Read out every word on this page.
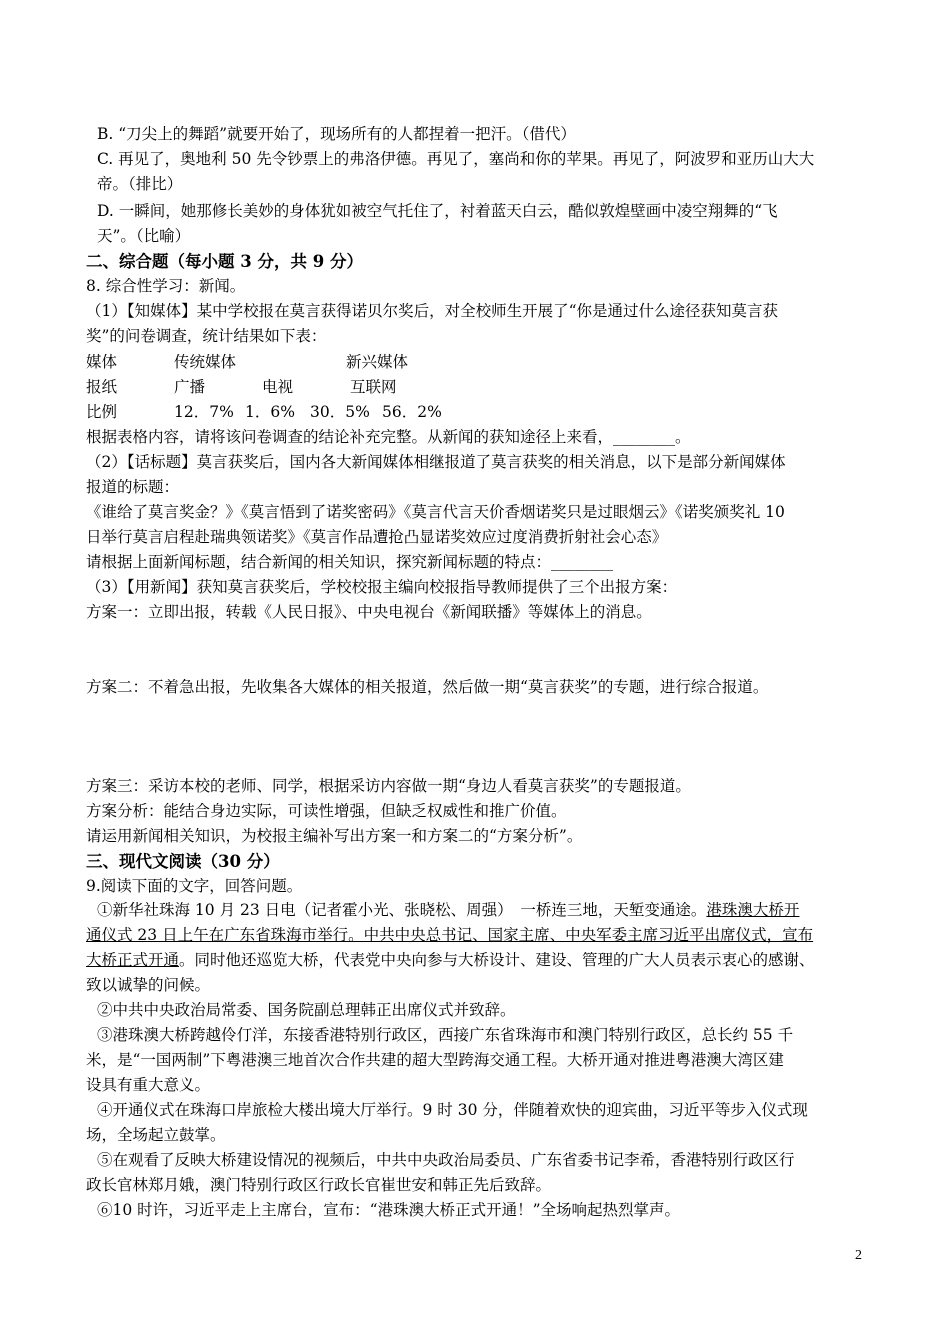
B. “刀尖上的舞蹈”就要开始了，现场所有的人都捏着一把汗。（借代）
C. 再见了，奥地利 50 先令钞票上的弗洛伊德。再见了，塞尚和你的苹果。再见了，阿波罗和亚历山大大
帝。（排比）
D. 一瞬间，她那修长美妙的身体犹如被空气托住了，衬着蓝天白云，酷似敦煌壁画中凌空翔舞的“飞
天”。（比喻）
二、综合题（每小题 3 分，共 9 分）
8. 综合性学习：新闻。
（1）【知媒体】某中学校报在莫言获得诺贝尔奖后，对全校师生开展了“你是通过什么途径获知莫言获
奖”的问卷调查，统计结果如下表：
媒体	传统媒体	新兴媒体
报纸	广播	电视	互联网
比例	12．7% 1．6% 30．5% 56．2%
根据表格内容，请将该问卷调查的结论补充完整。从新闻的获知途径上来看，________。
（2）【话标题】莫言获奖后，国内各大新闻媒体相继报道了莫言获奖的相关消息，以下是部分新闻媒体
报道的标题：
《谁给了莫言奖金？》《莫言悟到了诺奖密码》《莫言代言天价香烟诺奖只是过眼烟云》《诺奖颁奖礼 10
日举行莫言启程赴瑞典领诺奖》《莫言作品遭抢凸显诺奖效应过度消费折射社会心态》
请根据上面新闻标题，结合新闻的相关知识，探究新闻标题的特点：________
（3）【用新闻】获知莫言获奖后，学校校报主编向校报指导教师提供了三个出报方案：
方案一：立即出报，转载《人民日报》、中央电视台《新闻联播》等媒体上的消息。
方案二：不着急出报，先收集各大媒体的相关报道，然后做一期“莫言获奖”的专题，进行综合报道。
方案三：采访本校的老师、同学，根据采访内容做一期“身边人看莫言获奖”的专题报道。
方案分析：能结合身边实际，可读性增强，但缺乏权威性和推广价值。
请运用新闻相关知识，为校报主编补写出方案一和方案二的“方案分析”。
三、现代文阅读（30 分）
9.阅读下面的文字，回答问题。
①新华社珠海 10 月 23 日电（记者霍小光、张晓松、周强）　一桥连三地，天堑变通途。港珠澳大桥开
通仪式 23 日上午在广东省珠海市举行。中共中央总书记、国家主席、中央军委主席习近平出席仪式，宣布
大桥正式开通。同时他还巡览大桥，代表党中央向参与大桥设计、建设、管理的广大人员表示衷心的感谢、
致以诚挚的问候。
②中共中央政治局常委、国务院副总理韩正出席仪式并致辞。
③港珠澳大桥跨越伶仃洋，东接香港特别行政区，西接广东省珠海市和澳门特别行政区，总长约 55 千
米，是“一国两制”下粤港澳三地首次合作共建的超大型跨海交通工程。大桥开通对推进粤港澳大湾区建
设具有重大意义。
④开通仪式在珠海口岸旅检大楼出境大厅举行。9 时 30 分，伴随着欢快的迎宾曲，习近平等步入仪式现
场，全场起立鼓掌。
⑤在观看了反映大桥建设情况的视频后，中共中央政治局委员、广东省委书记李希，香港特别行政区行
政长官林郑月娥，澳门特别行政区行政长官崔世安和韩正先后致辞。
⑥10 时许，习近平走上主席台，宣布：“港珠澳大桥正式开通！”全场响起热烈掌声。
2
